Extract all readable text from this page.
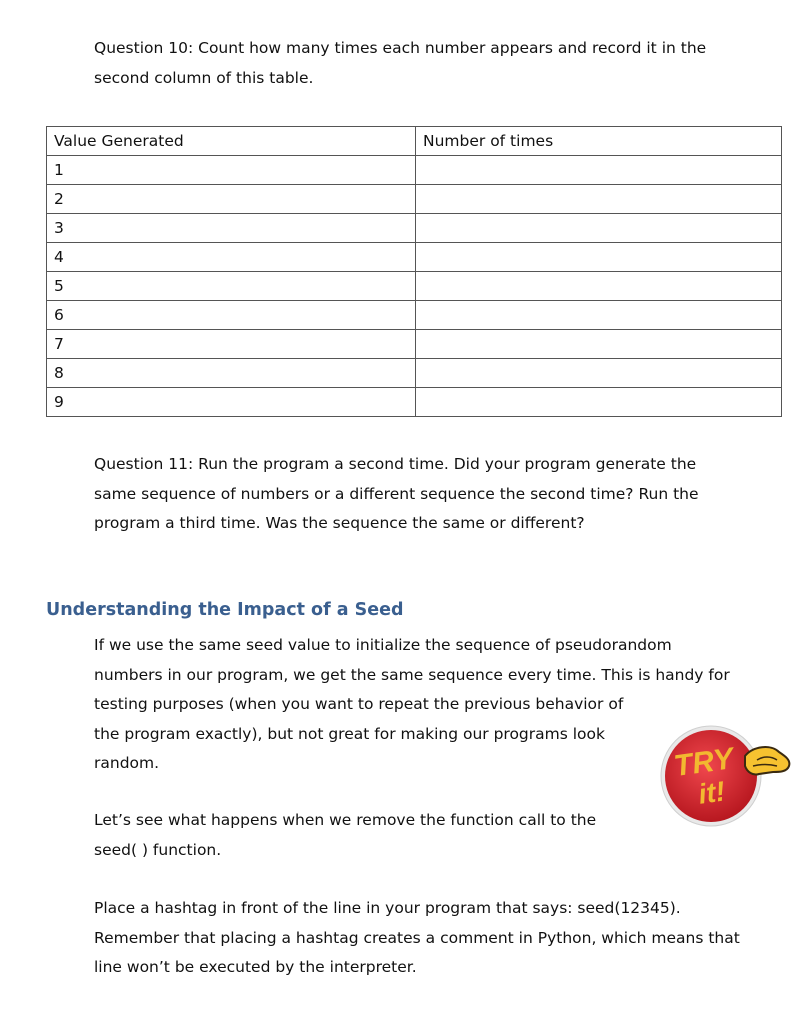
Question 10: Count how many times each number appears and record it in the
second column of this table.
Value Generated	Number of times
1	
2	
3	
4	
5	
6	
7	
8	
9	
Question 11: Run the program a second time. Did your program generate the
same sequence of numbers or a different sequence the second time? Run the
program a third time. Was the sequence the same or different?
Understanding the Impact of a Seed
If we use the same seed value to initialize the sequence of pseudorandom
numbers in our program, we get the same sequence every time. This is handy for
testing purposes (when you want to repeat the previous behavior of
the program exactly), but not great for making our programs look
random.
Let’s see what happens when we remove the function call to the
seed( ) function.
Place a hashtag in front of the line in your program that says: seed(12345).
Remember that placing a hashtag creates a comment in Python, which means that
line won’t be executed by the interpreter.
TRY
it!
